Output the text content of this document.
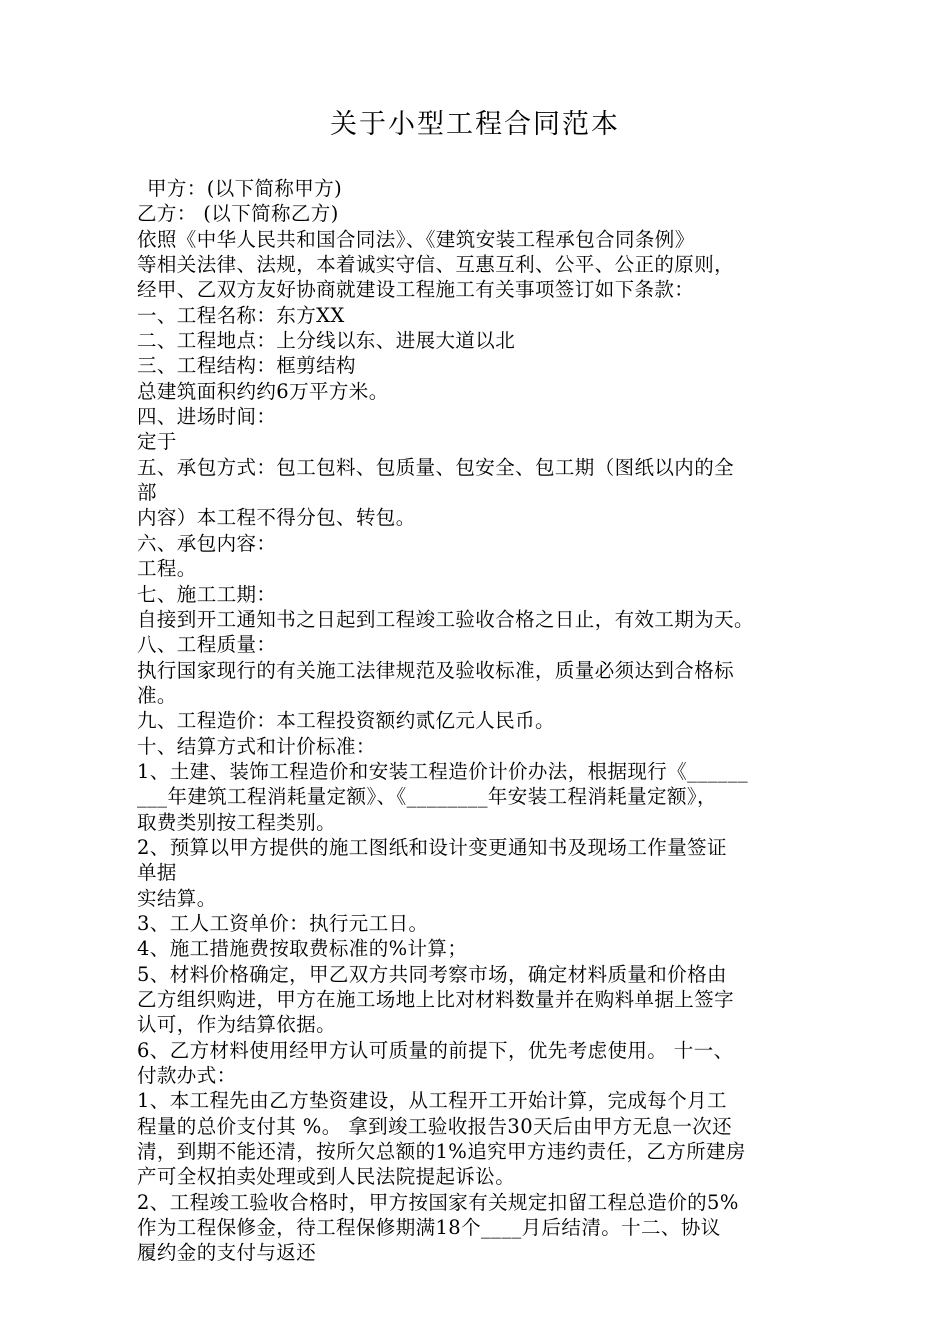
关于小型工程合同范本
甲方：(以下简称甲方)
乙方： (以下简称乙方)
依照《中华人民共和国合同法》、《建筑安装工程承包合同条例》
等相关法律、法规，本着诚实守信、互惠互利、公平、公正的原则，
经甲、乙双方友好协商就建设工程施工有关事项签订如下条款：
一、工程名称：东方XX
二、工程地点：上分线以东、进展大道以北
三、工程结构：框剪结构
总建筑面积约约6万平方米。
四、进场时间：
定于
五、承包方式：包工包料、包质量、包安全、包工期（图纸以内的全
部
内容）本工程不得分包、转包。
六、承包内容：
工程。
七、施工工期：
自接到开工通知书之日起到工程竣工验收合格之日止，有效工期为天。
八、工程质量：
执行国家现行的有关施工法律规范及验收标准，质量必须达到合格标
准。
九、工程造价：本工程投资额约贰亿元人民币。
十、结算方式和计价标准：
1、土建、装饰工程造价和安装工程造价计价办法，根据现行《______
___年建筑工程消耗量定额》、《________年安装工程消耗量定额》，
取费类别按工程类别。
2、预算以甲方提供的施工图纸和设计变更通知书及现场工作量签证
单据
实结算。
3、工人工资单价：执行元工日。
4、施工措施费按取费标准的%计算；
5、材料价格确定，甲乙双方共同考察市场，确定材料质量和价格由
乙方组织购进，甲方在施工场地上比对材料数量并在购料单据上签字
认可，作为结算依据。
6、乙方材料使用经甲方认可质量的前提下，优先考虑使用。 十一、
付款办式：
1、本工程先由乙方垫资建设，从工程开工开始计算，完成每个月工
程量的总价支付其 %。 拿到竣工验收报告30天后由甲方无息一次还
清，到期不能还清，按所欠总额的1%追究甲方违约责任，乙方所建房
产可全权拍卖处理或到人民法院提起诉讼。
2、工程竣工验收合格时，甲方按国家有关规定扣留工程总造价的5%
作为工程保修金，待工程保修期满18个____月后结清。十二、协议
履约金的支付与返还
